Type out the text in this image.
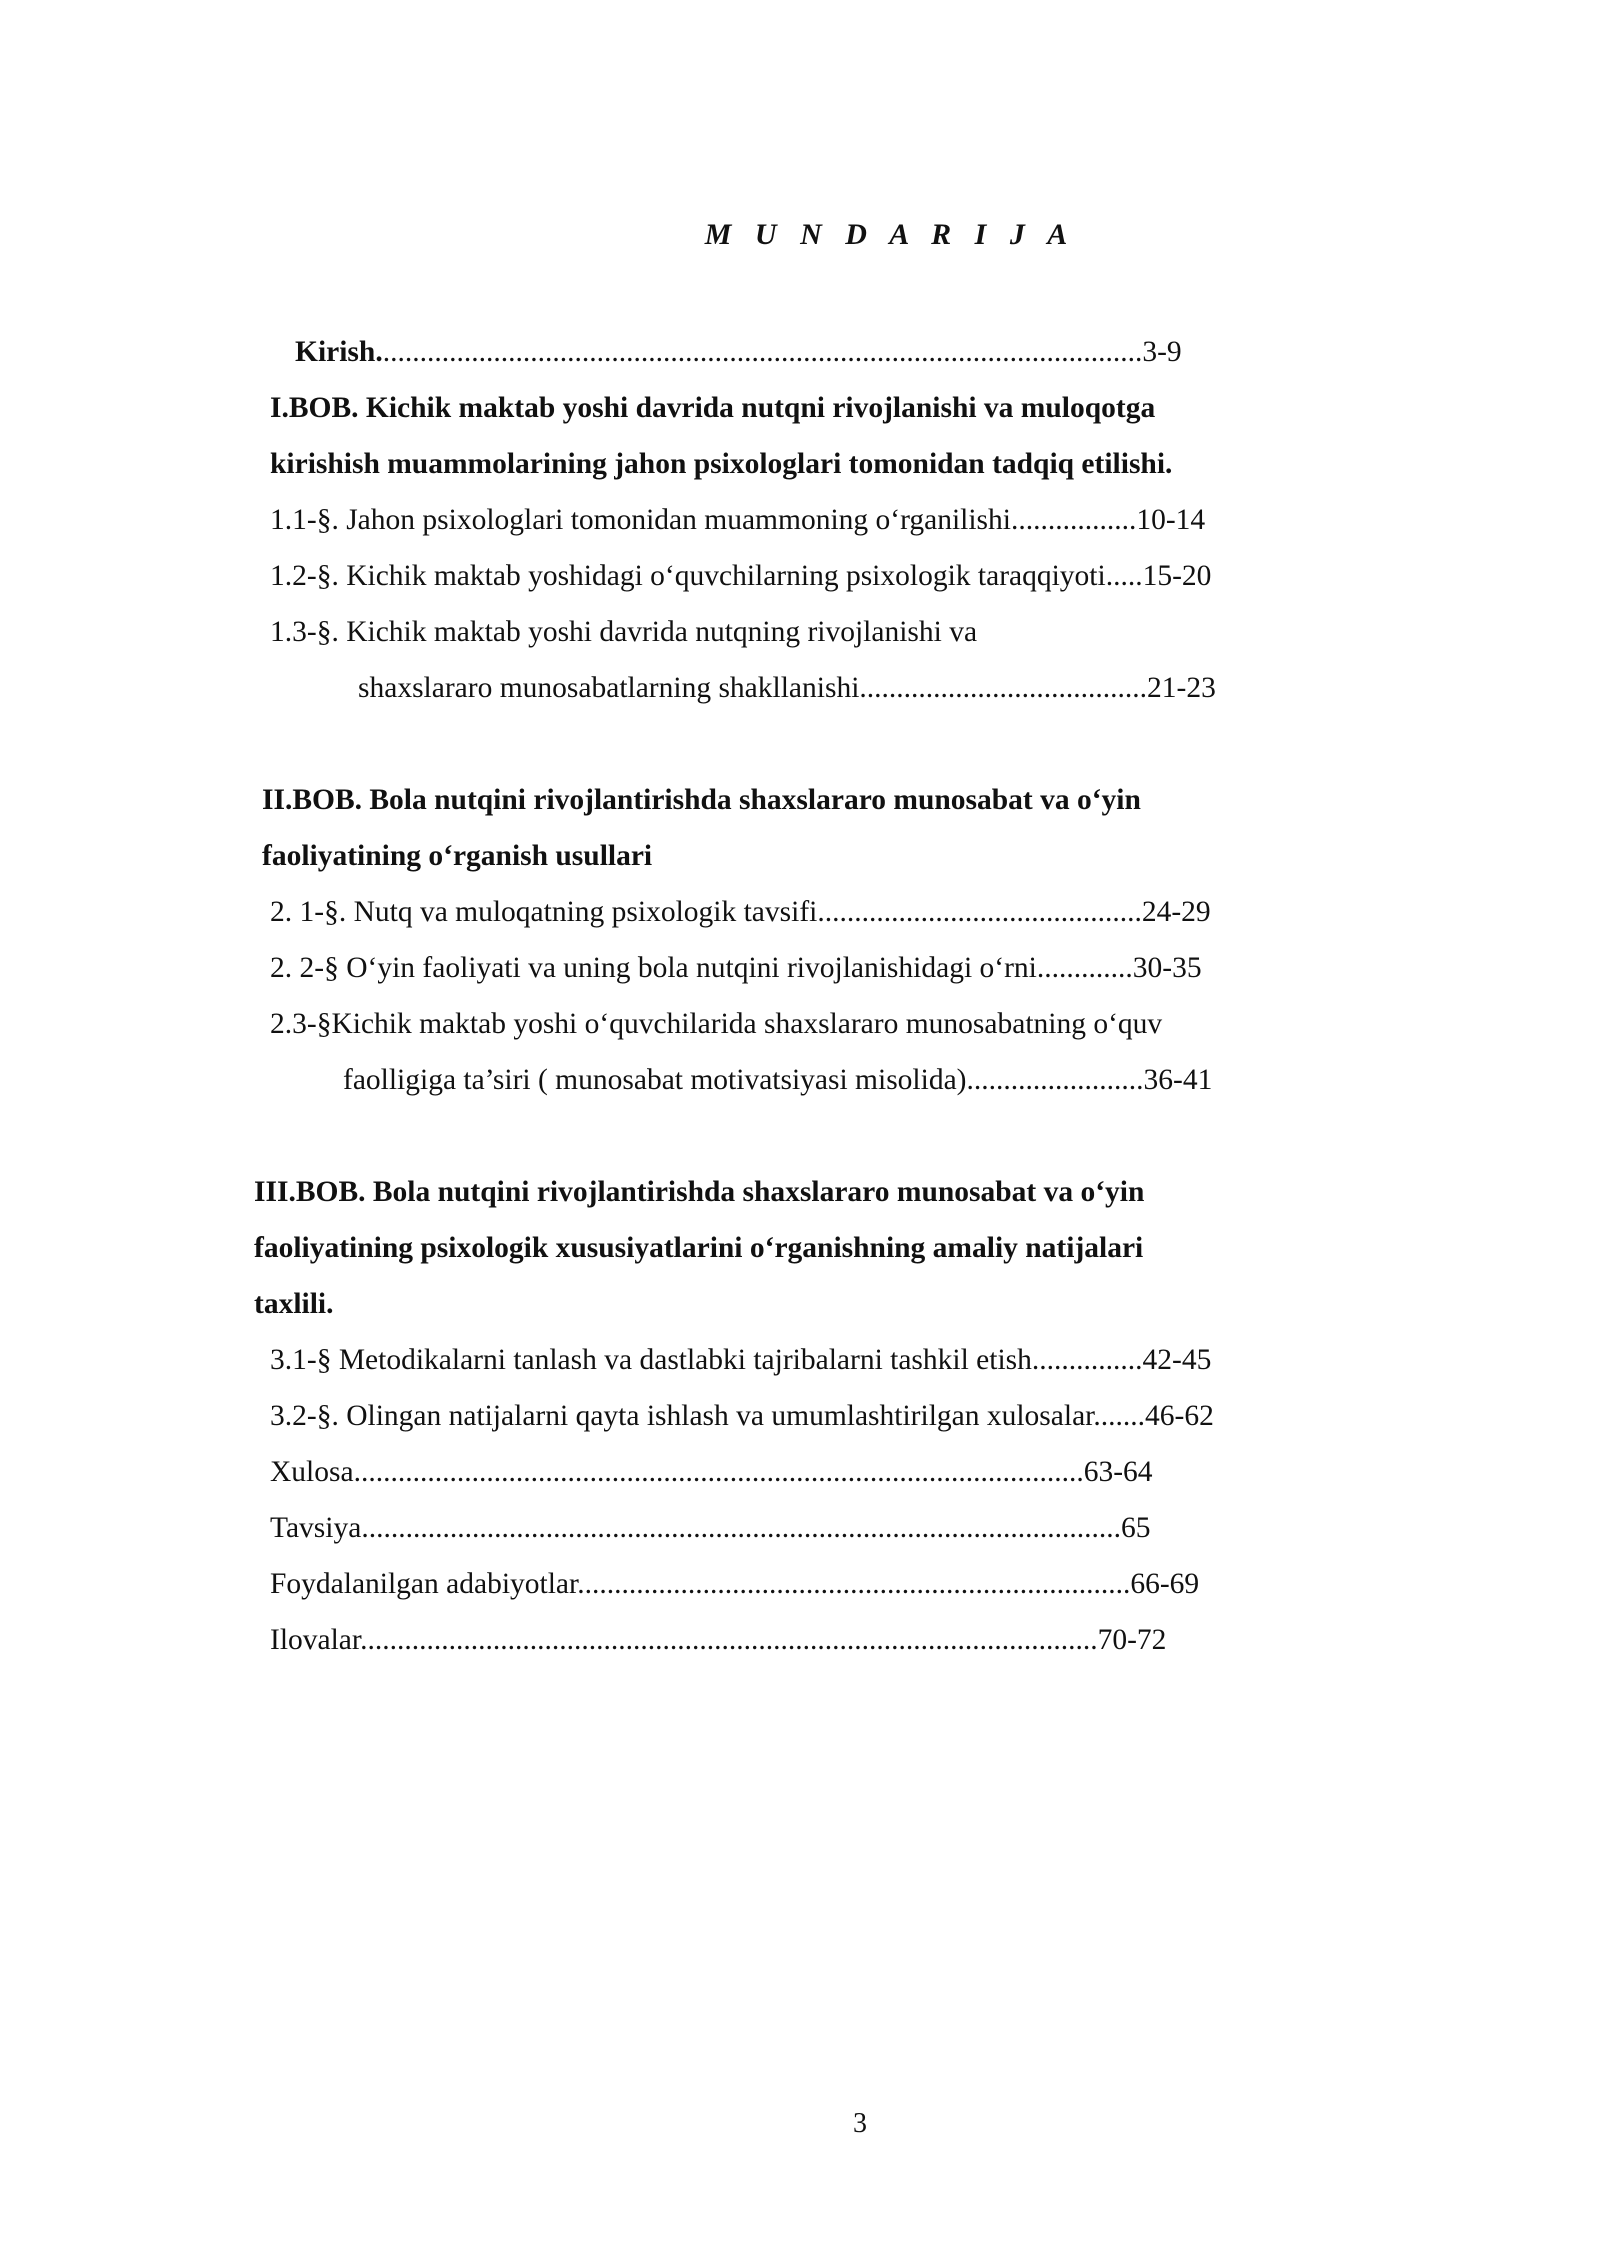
M U N D A R I J A
Kirish........................................................................................................3-9
I.BOB. Kichik maktab yoshi davrida nutqni rivojlanishi va muloqotga
kirishish muammolarining jahon psixologlari tomonidan tadqiq etilishi.
1.1-§. Jahon psixologlari tomonidan muammoning o‘rganilishi.................10-14
1.2-§. Kichik maktab yoshidagi o‘quvchilarning psixologik taraqqiyoti.....15-20
1.3-§. Kichik maktab yoshi davrida nutqning rivojlanishi va
shaxslararo munosabatlarning shakllanishi.......................................21-23
II.BOB. Bola nutqini rivojlantirishda shaxslararo munosabat va o‘yin
faoliyatining o‘rganish usullari
2. 1-§. Nutq va muloqatning psixologik tavsifi............................................24-29
2. 2-§ O‘yin faoliyati va uning bola nutqini rivojlanishidagi o‘rni.............30-35
2.3-§Kichik maktab yoshi o‘quvchilarida shaxslararo munosabatning o‘quv
faolligiga ta’siri ( munosabat motivatsiyasi misolida)........................36-41
III.BOB. Bola nutqini rivojlantirishda shaxslararo munosabat va o‘yin
faoliyatining psixologik xususiyatlarini o‘rganishning amaliy natijalari
taxlili.
3.1-§ Metodikalarni tanlash va dastlabki tajribalarni tashkil etish...............42-45
3.2-§. Olingan natijalarni qayta ishlash va umumlashtirilgan xulosalar.......46-62
Xulosa...................................................................................................63-64
Tavsiya.......................................................................................................65
Foydalanilgan adabiyotlar...........................................................................66-69
Ilovalar....................................................................................................70-72
3
